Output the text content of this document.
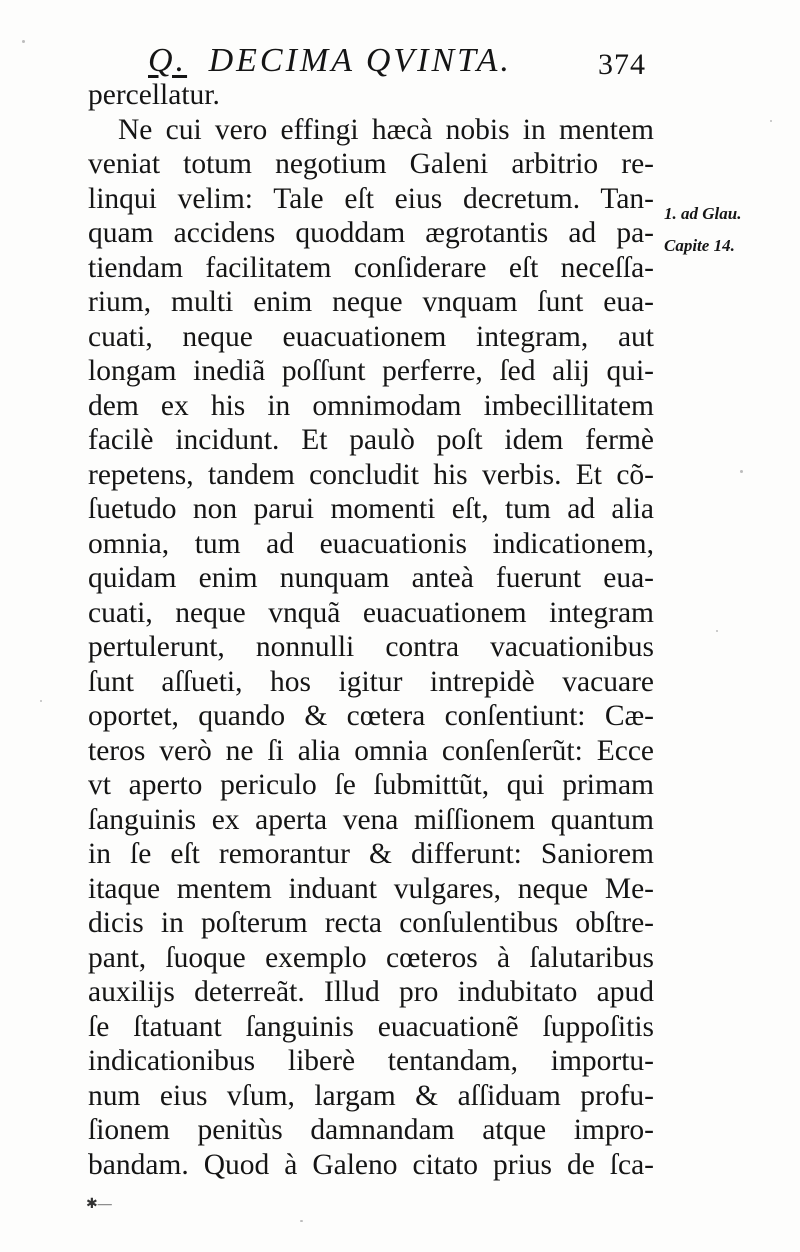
Q. DECIMA QVINTA.	374
percellatur.
Ne cui vero effingi hæcà nobis in mentem
veniat totum negotium Galeni arbitrio re-
linqui velim: Tale eſt eius decretum. Tan-
quam accidens quoddam ægrotantis ad pa-
tiendam facilitatem conſiderare eſt neceſſa-
rium, multi enim neque vnquam ſunt eua-
cuati, neque euacuationem integram, aut
longam inediã poſſunt perferre, ſed alij qui-
dem ex his in omnimodam imbecillitatem
facilè incidunt. Et paulò poſt idem fermè
repetens, tandem concludit his verbis. Et cõ-
ſuetudo non parui momenti eſt, tum ad alia
omnia, tum ad euacuationis indicationem,
quidam enim nunquam anteà fuerunt eua-
cuati, neque vnquã euacuationem integram
pertulerunt, nonnulli contra vacuationibus
ſunt aſſueti, hos igitur intrepidè vacuare
oportet, quando & cœtera conſentiunt: Cæ-
teros verò ne ſi alia omnia conſenſerũt: Ecce
vt aperto periculo ſe ſubmittũt, qui primam
ſanguinis ex aperta vena miſſionem quantum
in ſe eſt remorantur & differunt: Saniorem
itaque mentem induant vulgares, neque Me-
dicis in poſterum recta conſulentibus obſtre-
pant, ſuoque exemplo cœteros à ſalutaribus
auxilijs deterreãt. Illud pro indubitato apud
ſe ſtatuant ſanguinis euacuationẽ ſuppoſitis
indicationibus liberè tentandam, importu-
num eius vſum, largam & aſſiduam profu-
ſionem penitùs damnandam atque impro-
bandam. Quod à Galeno citato prius de ſca-
1. ad Glau.
Capite 14.
✱—
